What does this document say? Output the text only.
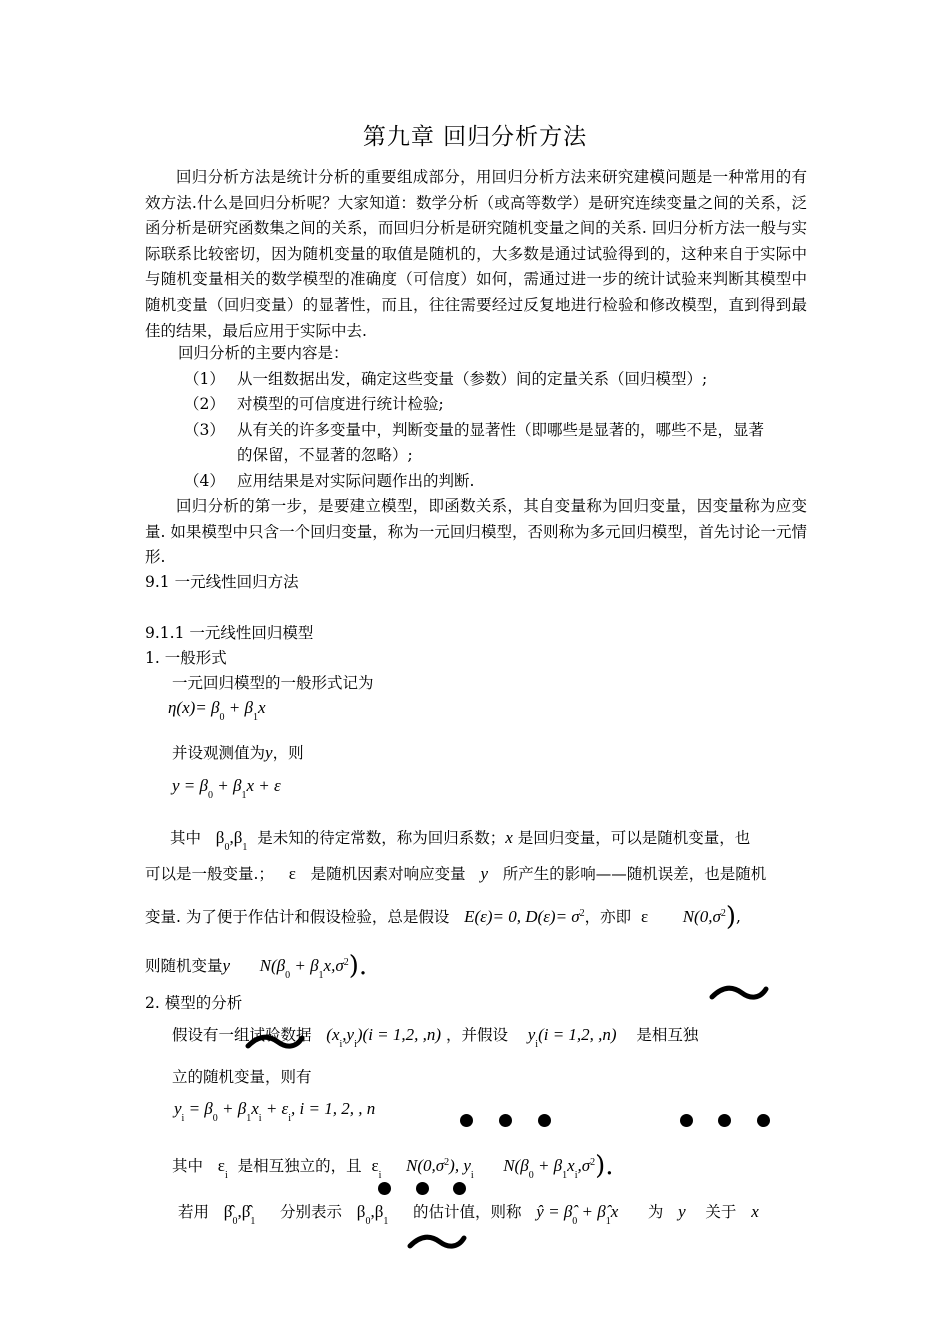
第九章 回归分析方法
回归分析方法是统计分析的重要组成部分，用回归分析方法来研究建模问题是一种常用的有效方法.什么是回归分析呢？大家知道：数学分析（或高等数学）是研究连续变量之间的关系，泛函分析是研究函数集之间的关系，而回归分析是研究随机变量之间的关系. 回归分析方法一般与实际联系比较密切，因为随机变量的取值是随机的，大多数是通过试验得到的，这种来自于实际中与随机变量相关的数学模型的准确度（可信度）如何，需通过进一步的统计试验来判断其模型中随机变量（回归变量）的显著性，而且，往往需要经过反复地进行检验和修改模型，直到得到最佳的结果，最后应用于实际中去.
回归分析的主要内容是：
（1） 从一组数据出发，确定这些变量（参数）间的定量关系（回归模型）;
（2） 对模型的可信度进行统计检验;
（3） 从有关的许多变量中，判断变量的显著性（即哪些是显著的，哪些不是，显著
的保留，不显著的忽略）;
（4） 应用结果是对实际问题作出的判断.
回归分析的第一步，是要建立模型，即函数关系，其自变量称为回归变量，因变量称为应变量. 如果模型中只含一个回归变量，称为一元回归模型，否则称为多元回归模型，首先讨论一元情形.
9.1 一元线性回归方法
9.1.1 一元线性回归模型
1. 一般形式
一元回归模型的一般形式记为
$\eta(x)= \beta_0 + \beta_1x$
并设观测值为y，则
$y = \beta_0 + \beta_1x + \varepsilon$
其中 $\beta_0,\beta_1$  是未知的待定常数，称为回归系数；x 是回归变量，可以是随机变量，也
可以是一般变量.； ε 是随机因素对响应变量 y 所产生的影响——随机误差，也是随机
变量. 为了便于作估计和假设检验，总是假设 E(ε)= 0, $D(\varepsilon)= \sigma^2$，亦即 ε $N(0,\sigma^2)$,
则随机变量y $N(\beta_0 + \beta_1x,\sigma^2)$.
2. 模型的分析
假设有一组试验数据 $(x_i,y_i)(i = 1,2$, ,n) ，并假设 $y_i(i = 1,2$, ,n) 是相互独
立的随机变量，则有
$y_i = \beta_0 + \beta_1x_i + \varepsilon_i$, i = 1, 2, , n
其中 $\varepsilon_i$  是相互独立的，且 $\varepsilon_i$     $N(0,\sigma^2)$, $y_i$      $N(\beta_0 + \beta_1x_i,\sigma^2)$.
若用 $\betâ_0,\betâ_1$     分别表示 $\beta_0,\beta_1$     的估计值，则称 ŷ = $\betâ_0$ + $\betâ_1x$ 为 y 关于 x
